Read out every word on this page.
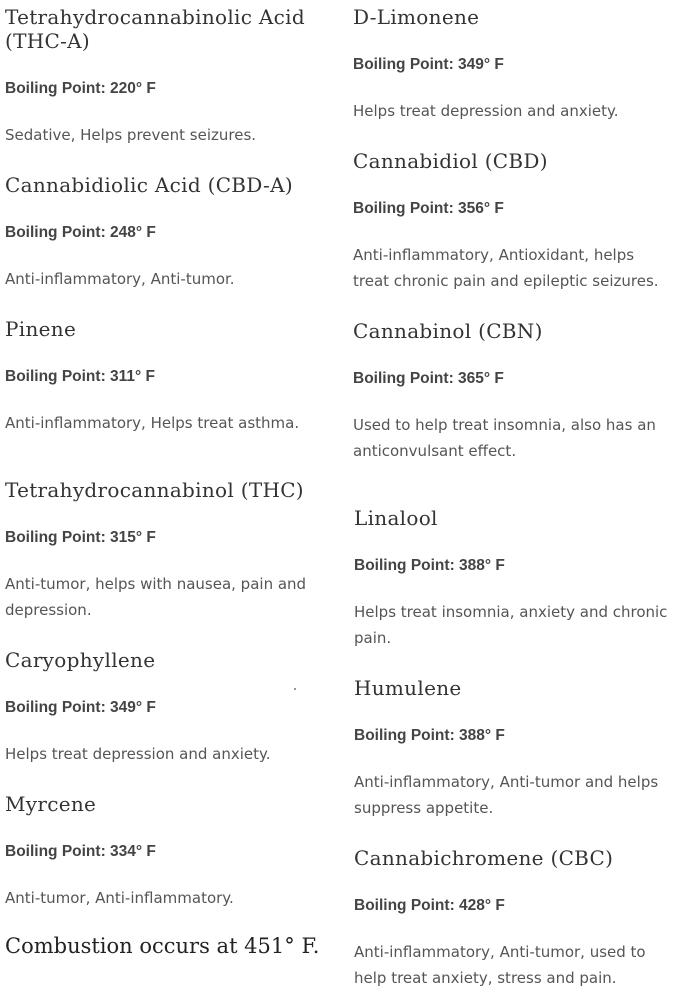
Tetrahydrocannabinolic Acid (THC-A)
Boiling Point: 220° F
Sedative, Helps prevent seizures.
Cannabidiolic Acid (CBD-A)
Boiling Point: 248° F
Anti-inflammatory, Anti-tumor.
Pinene
Boiling Point: 311° F
Anti-inflammatory, Helps treat asthma.
Tetrahydrocannabinol (THC)
Boiling Point: 315° F
Anti-tumor, helps with nausea, pain and depression.
Caryophyllene
Boiling Point: 349° F
Helps treat depression and anxiety.
Myrcene
Boiling Point: 334° F
Anti-tumor, Anti-inflammatory.
Combustion occurs at 451° F.
D-Limonene
Boiling Point: 349° F
Helps treat depression and anxiety.
Cannabidiol (CBD)
Boiling Point: 356° F
Anti-inflammatory, Antioxidant, helps treat chronic pain and epileptic seizures.
Cannabinol (CBN)
Boiling Point: 365° F
Used to help treat insomnia, also has an anticonvulsant effect.
Linalool
Boiling Point: 388° F
Helps treat insomnia, anxiety and chronic pain.
Humulene
Boiling Point: 388° F
Anti-inflammatory, Anti-tumor and helps suppress appetite.
Cannabichromene (CBC)
Boiling Point: 428° F
Anti-inflammatory, Anti-tumor, used to help treat anxiety, stress and pain.
